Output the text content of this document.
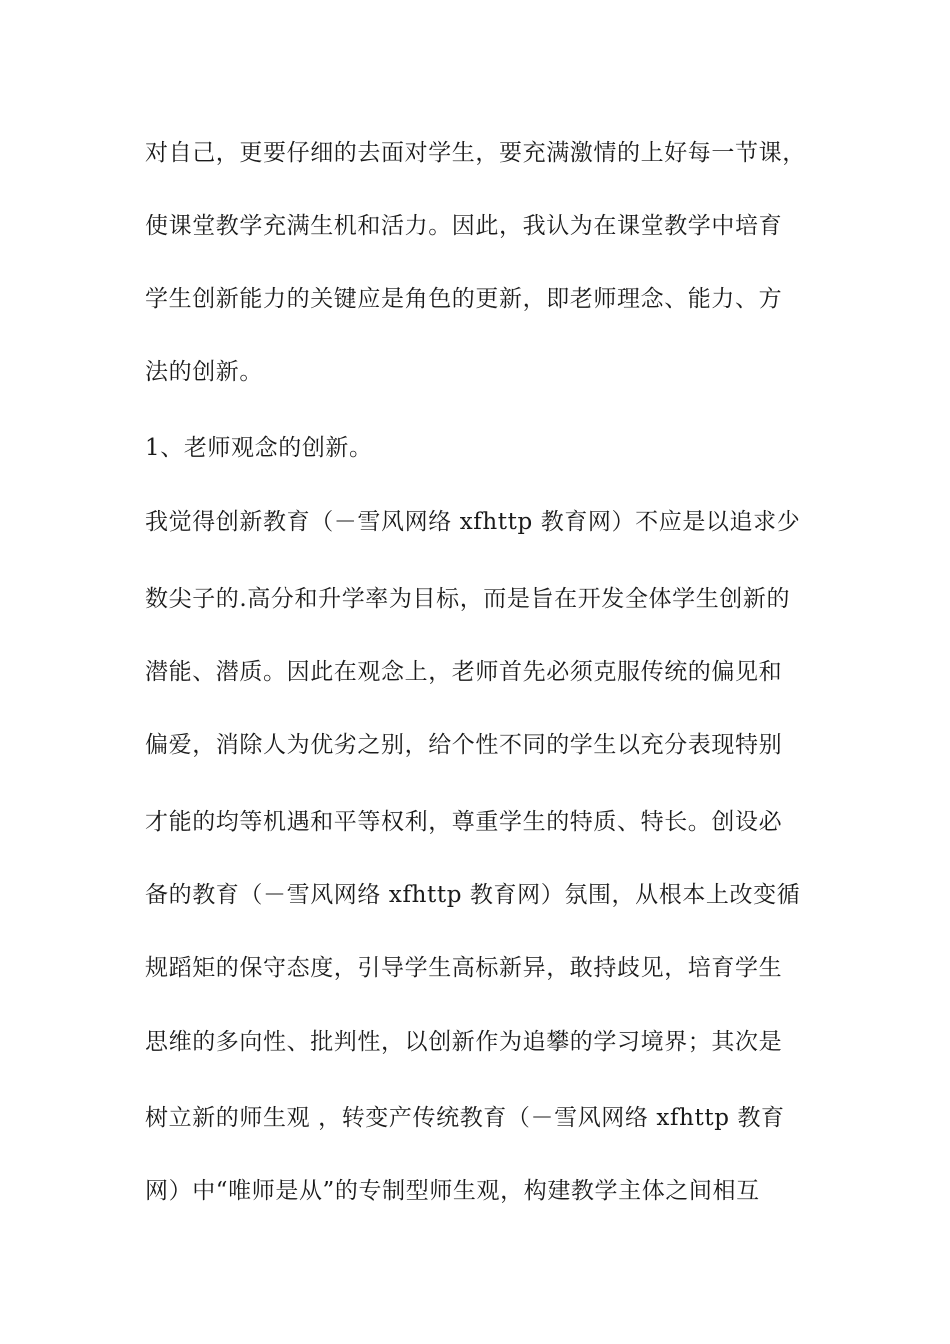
对自己，更要仔细的去面对学生，要充满激情的上好每一节课，
使课堂教学充满生机和活力。因此，我认为在课堂教学中培育
学生创新能力的关键应是角色的更新，即老师理念、能力、方
法的创新。
1、老师观念的创新。
我觉得创新教育（－雪风网络 xfhttp 教育网）不应是以追求少
数尖子的.高分和升学率为目标，而是旨在开发全体学生创新的
潜能、潜质。因此在观念上，老师首先必须克服传统的偏见和
偏爱，消除人为优劣之别，给个性不同的学生以充分表现特别
才能的均等机遇和平等权利，尊重学生的特质、特长。创设必
备的教育（－雪风网络 xfhttp 教育网）氛围，从根本上改变循
规蹈矩的保守态度，引导学生高标新异，敢持歧见，培育学生
思维的多向性、批判性，以创新作为追攀的学习境界；其次是
树立新的师生观 ，转变产传统教育（－雪风网络 xfhttp 教育
网）中“唯师是从”的专制型师生观，构建教学主体之间相互
